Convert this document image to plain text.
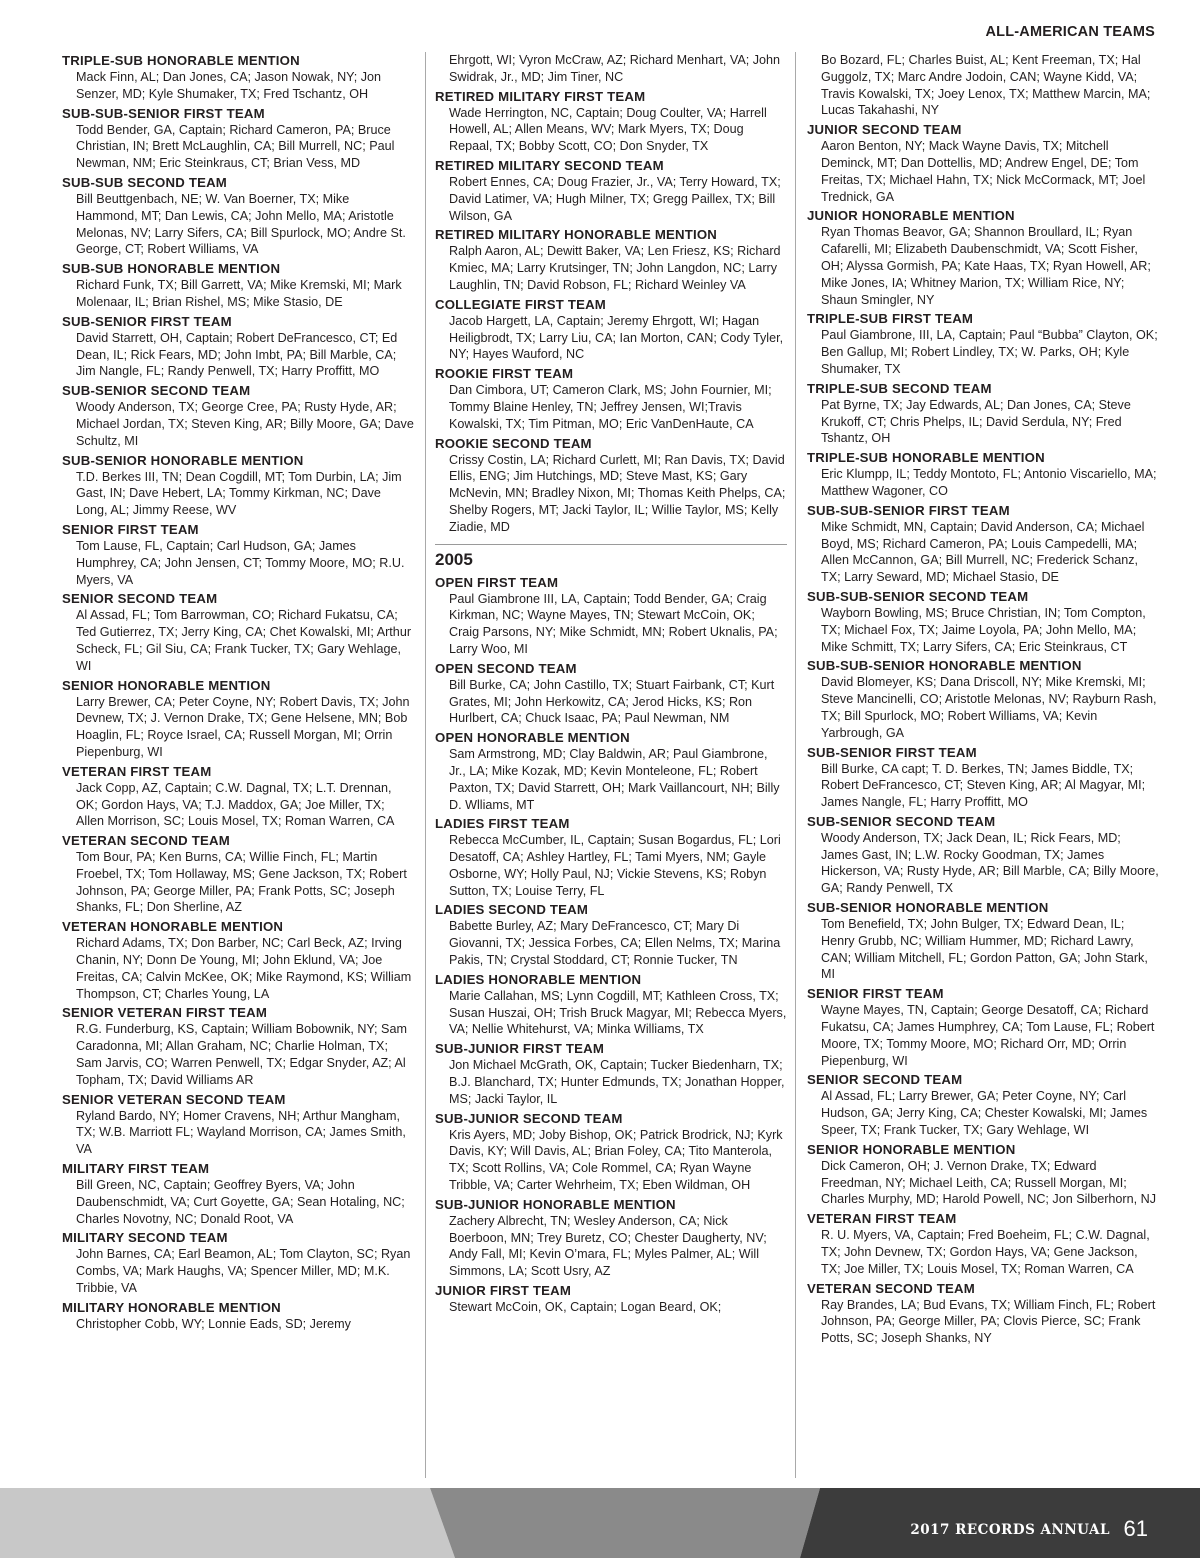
ALL-AMERICAN TEAMS
TRIPLE-SUB HONORABLE MENTION
Mack Finn, AL; Dan Jones, CA; Jason Nowak, NY; Jon Senzer, MD; Kyle Shumaker, TX; Fred Tschantz, OH
SUB-SUB-SENIOR FIRST TEAM
Todd Bender, GA, Captain; Richard Cameron, PA; Bruce Christian, IN; Brett McLaughlin, CA; Bill Murrell, NC; Paul Newman, NM; Eric Steinkraus, CT; Brian Vess, MD
SUB-SUB SECOND TEAM
Bill Beuttgenbach, NE; W. Van Boerner, TX; Mike Hammond, MT; Dan Lewis, CA; John Mello, MA; Aristotle Melonas, NV; Larry Sifers, CA; Bill Spurlock, MO; Andre St. George, CT; Robert Williams, VA
SUB-SUB HONORABLE MENTION
Richard Funk, TX; Bill Garrett, VA; Mike Kremski, MI; Mark Molenaar, IL; Brian Rishel, MS; Mike Stasio, DE
SUB-SENIOR FIRST TEAM
David Starrett, OH, Captain; Robert DeFrancesco, CT; Ed Dean, IL; Rick Fears, MD; John Imbt, PA; Bill Marble, CA; Jim Nangle, FL; Randy Penwell, TX; Harry Proffitt, MO
SUB-SENIOR SECOND TEAM
Woody Anderson, TX; George Cree, PA; Rusty Hyde, AR; Michael Jordan, TX; Steven King, AR; Billy Moore, GA; Dave Schultz, MI
SUB-SENIOR HONORABLE MENTION
T.D. Berkes III, TN; Dean Cogdill, MT; Tom Durbin, LA; Jim Gast, IN; Dave Hebert, LA; Tommy Kirkman, NC; Dave Long, AL; Jimmy Reese, WV
SENIOR FIRST TEAM
Tom Lause, FL, Captain; Carl Hudson, GA; James Humphrey, CA; John Jensen, CT; Tommy Moore, MO; R.U. Myers, VA
SENIOR SECOND TEAM
Al Assad, FL; Tom Barrowman, CO; Richard Fukatsu, CA; Ted Gutierrez, TX; Jerry King, CA; Chet Kowalski, MI; Arthur Scheck, FL; Gil Siu, CA; Frank Tucker, TX; Gary Wehlage, WI
SENIOR HONORABLE MENTION
Larry Brewer, CA; Peter Coyne, NY; Robert Davis, TX; John Devnew, TX; J. Vernon Drake, TX; Gene Helsene, MN; Bob Hoaglin, FL; Royce Israel, CA; Russell Morgan, MI; Orrin Piepenburg, WI
VETERAN FIRST TEAM
Jack Copp, AZ, Captain; C.W. Dagnal, TX; L.T. Drennan, OK; Gordon Hays, VA; T.J. Maddox, GA; Joe Miller, TX; Allen Morrison, SC; Louis Mosel, TX; Roman Warren, CA
VETERAN SECOND TEAM
Tom Bour, PA; Ken Burns, CA; Willie Finch, FL; Martin Froebel, TX; Tom Hollaway, MS; Gene Jackson, TX; Robert Johnson, PA; George Miller, PA; Frank Potts, SC; Joseph Shanks, FL; Don Sherline, AZ
VETERAN HONORABLE MENTION
Richard Adams, TX; Don Barber, NC; Carl Beck, AZ; Irving Chanin, NY; Donn De Young, MI; John Eklund, VA; Joe Freitas, CA; Calvin McKee, OK; Mike Raymond, KS; William Thompson, CT; Charles Young, LA
SENIOR VETERAN FIRST TEAM
R.G. Funderburg, KS, Captain; William Bobownik, NY; Sam Caradonna, MI; Allan Graham, NC; Charlie Holman, TX; Sam Jarvis, CO; Warren Penwell, TX; Edgar Snyder, AZ; Al Topham, TX; David Williams AR
SENIOR VETERAN SECOND TEAM
Ryland Bardo, NY; Homer Cravens, NH; Arthur Mangham, TX; W.B. Marriott FL; Wayland Morrison, CA; James Smith, VA
MILITARY FIRST TEAM
Bill Green, NC, Captain; Geoffrey Byers, VA; John Daubenschmidt, VA; Curt Goyette, GA; Sean Hotaling, NC; Charles Novotny, NC; Donald Root, VA
MILITARY SECOND TEAM
John Barnes, CA; Earl Beamon, AL; Tom Clayton, SC; Ryan Combs, VA; Mark Haughs, VA; Spencer Miller, MD; M.K. Tribbie, VA
MILITARY HONORABLE MENTION
Christopher Cobb, WY; Lonnie Eads, SD; Jeremy
Ehrgott, WI; Vyron McCraw, AZ; Richard Menhart, VA; John Swidrak, Jr., MD; Jim Tiner, NC
RETIRED MILITARY FIRST TEAM
Wade Herrington, NC, Captain; Doug Coulter, VA; Harrell Howell, AL; Allen Means, WV; Mark Myers, TX; Doug Repaal, TX; Bobby Scott, CO; Don Snyder, TX
RETIRED MILITARY SECOND TEAM
Robert Ennes, CA; Doug Frazier, Jr., VA; Terry Howard, TX; David Latimer, VA; Hugh Milner, TX; Gregg Paillex, TX; Bill Wilson, GA
RETIRED MILITARY HONORABLE MENTION
Ralph Aaron, AL; Dewitt Baker, VA; Len Friesz, KS; Richard Kmiec, MA; Larry Krutsinger, TN; John Langdon, NC; Larry Laughlin, TN; David Robson, FL; Richard Weinley VA
COLLEGIATE FIRST TEAM
Jacob Hargett, LA, Captain; Jeremy Ehrgott, WI; Hagan Heiligbrodt, TX; Larry Liu, CA; Ian Morton, CAN; Cody Tyler, NY; Hayes Wauford, NC
ROOKIE FIRST TEAM
Dan Cimbora, UT; Cameron Clark, MS; John Fournier, MI; Tommy Blaine Henley, TN; Jeffrey Jensen, WI;Travis Kowalski, TX; Tim Pitman, MO; Eric VanDenHaute, CA
ROOKIE SECOND TEAM
Crissy Costin, LA; Richard Curlett, MI; Ran Davis, TX; David Ellis, ENG; Jim Hutchings, MD; Steve Mast, KS; Gary McNevin, MN; Bradley Nixon, MI; Thomas Keith Phelps, CA; Shelby Rogers, MT; Jacki Taylor, IL; Willie Taylor, MS; Kelly Ziadie, MD
2005
OPEN FIRST TEAM
Paul Giambrone III, LA, Captain; Todd Bender, GA; Craig Kirkman, NC; Wayne Mayes, TN; Stewart McCoin, OK; Craig Parsons, NY; Mike Schmidt, MN; Robert Uknalis, PA; Larry Woo, MI
OPEN SECOND TEAM
Bill Burke, CA; John Castillo, TX; Stuart Fairbank, CT; Kurt Grates, MI; John Herkowitz, CA; Jerod Hicks, KS; Ron Hurlbert, CA; Chuck Isaac, PA; Paul Newman, NM
OPEN HONORABLE MENTION
Sam Armstrong, MD; Clay Baldwin, AR; Paul Giambrone, Jr., LA; Mike Kozak, MD; Kevin Monteleone, FL; Robert Paxton, TX; David Starrett, OH; Mark Vaillancourt, NH; Billy D. Wlliams, MT
LADIES FIRST TEAM
Rebecca McCumber, IL, Captain; Susan Bogardus, FL; Lori Desatoff, CA; Ashley Hartley, FL; Tami Myers, NM; Gayle Osborne, WY; Holly Paul, NJ; Vickie Stevens, KS; Robyn Sutton, TX; Louise Terry, FL
LADIES SECOND TEAM
Babette Burley, AZ; Mary DeFrancesco, CT; Mary Di Giovanni, TX; Jessica Forbes, CA; Ellen Nelms, TX; Marina Pakis, TN; Crystal Stoddard, CT; Ronnie Tucker, TN
LADIES HONORABLE MENTION
Marie Callahan, MS; Lynn Cogdill, MT; Kathleen Cross, TX; Susan Huszai, OH; Trish Bruck Magyar, MI; Rebecca Myers, VA; Nellie Whitehurst, VA; Minka Williams, TX
SUB-JUNIOR FIRST TEAM
Jon Michael McGrath, OK, Captain; Tucker Biedenharn, TX; B.J. Blanchard, TX; Hunter Edmunds, TX; Jonathan Hopper, MS; Jacki Taylor, IL
SUB-JUNIOR SECOND TEAM
Kris Ayers, MD; Joby Bishop, OK; Patrick Brodrick, NJ; Kyrk Davis, KY; Will Davis, AL; Brian Foley, CA; Tito Manterola, TX; Scott Rollins, VA; Cole Rommel, CA; Ryan Wayne Tribble, VA; Carter Wehrheim, TX; Eben Wildman, OH
SUB-JUNIOR HONORABLE MENTION
Zachery Albrecht, TN; Wesley Anderson, CA; Nick Boerboon, MN; Trey Buretz, CO; Chester Daugherty, NV; Andy Fall, MI; Kevin O’mara, FL; Myles Palmer, AL; Will Simmons, LA; Scott Usry, AZ
JUNIOR FIRST TEAM
Stewart McCoin, OK, Captain; Logan Beard, OK;
Bo Bozard, FL; Charles Buist, AL; Kent Freeman, TX; Hal Guggolz, TX; Marc Andre Jodoin, CAN; Wayne Kidd, VA; Travis Kowalski, TX; Joey Lenox, TX; Matthew Marcin, MA; Lucas Takahashi, NY
JUNIOR SECOND TEAM
Aaron Benton, NY; Mack Wayne Davis, TX; Mitchell Deminck, MT; Dan Dottellis, MD; Andrew Engel, DE; Tom Freitas, TX; Michael Hahn, TX; Nick McCormack, MT; Joel Trednick, GA
JUNIOR HONORABLE MENTION
Ryan Thomas Beavor, GA; Shannon Broullard, IL; Ryan Cafarelli, MI; Elizabeth Daubenschmidt, VA; Scott Fisher, OH; Alyssa Gormish, PA; Kate Haas, TX; Ryan Howell, AR; Mike Jones, IA; Whitney Marion, TX; William Rice, NY; Shaun Smingler, NY
TRIPLE-SUB FIRST TEAM
Paul Giambrone, III, LA, Captain; Paul “Bubba” Clayton, OK; Ben Gallup, MI; Robert Lindley, TX; W. Parks, OH; Kyle Shumaker, TX
TRIPLE-SUB SECOND TEAM
Pat Byrne, TX; Jay Edwards, AL; Dan Jones, CA; Steve Krukoff, CT; Chris Phelps, IL; David Serdula, NY; Fred Tshantz, OH
TRIPLE-SUB HONORABLE MENTION
Eric Klumpp, IL; Teddy Montoto, FL; Antonio Viscariello, MA; Matthew Wagoner, CO
SUB-SUB-SENIOR FIRST TEAM
Mike Schmidt, MN, Captain; David Anderson, CA; Michael Boyd, MS; Richard Cameron, PA; Louis Campedelli, MA; Allen McCannon, GA; Bill Murrell, NC; Frederick Schanz, TX; Larry Seward, MD; Michael Stasio, DE
SUB-SUB-SENIOR SECOND TEAM
Wayborn Bowling, MS; Bruce Christian, IN; Tom Compton, TX; Michael Fox, TX; Jaime Loyola, PA; John Mello, MA; Mike Schmitt, TX; Larry Sifers, CA; Eric Steinkraus, CT
SUB-SUB-SENIOR HONORABLE MENTION
David Blomeyer, KS; Dana Driscoll, NY; Mike Kremski, MI; Steve Mancinelli, CO; Aristotle Melonas, NV; Rayburn Rash, TX; Bill Spurlock, MO; Robert Williams, VA; Kevin Yarbrough, GA
SUB-SENIOR FIRST TEAM
Bill Burke, CA capt; T. D. Berkes, TN; James Biddle, TX; Robert DeFrancesco, CT; Steven King, AR; Al Magyar, MI; James Nangle, FL; Harry Proffitt, MO
SUB-SENIOR SECOND TEAM
Woody Anderson, TX; Jack Dean, IL; Rick Fears, MD; James Gast, IN; L.W. Rocky Goodman, TX; James Hickerson, VA; Rusty Hyde, AR; Bill Marble, CA; Billy Moore, GA; Randy Penwell, TX
SUB-SENIOR HONORABLE MENTION
Tom Benefield, TX; John Bulger, TX; Edward Dean, IL; Henry Grubb, NC; William Hummer, MD; Richard Lawry, CAN; William Mitchell, FL; Gordon Patton, GA; John Stark, MI
SENIOR FIRST TEAM
Wayne Mayes, TN, Captain; George Desatoff, CA; Richard Fukatsu, CA; James Humphrey, CA; Tom Lause, FL; Robert Moore, TX; Tommy Moore, MO; Richard Orr, MD; Orrin Piepenburg, WI
SENIOR SECOND TEAM
Al Assad, FL; Larry Brewer, GA; Peter Coyne, NY; Carl Hudson, GA; Jerry King, CA; Chester Kowalski, MI; James Speer, TX; Frank Tucker, TX; Gary Wehlage, WI
SENIOR HONORABLE MENTION
Dick Cameron, OH; J. Vernon Drake, TX; Edward Freedman, NY; Michael Leith, CA; Russell Morgan, MI; Charles Murphy, MD; Harold Powell, NC; Jon Silberhorn, NJ
VETERAN FIRST TEAM
R. U. Myers, VA, Captain; Fred Boeheim, FL; C.W. Dagnal, TX; John Devnew, TX; Gordon Hays, VA; Gene Jackson, TX; Joe Miller, TX; Louis Mosel, TX; Roman Warren, CA
VETERAN SECOND TEAM
Ray Brandes, LA; Bud Evans, TX; William Finch, FL; Robert Johnson, PA; George Miller, PA; Clovis Pierce, SC; Frank Potts, SC; Joseph Shanks, NY
2017 RECORDS ANNUAL 61
